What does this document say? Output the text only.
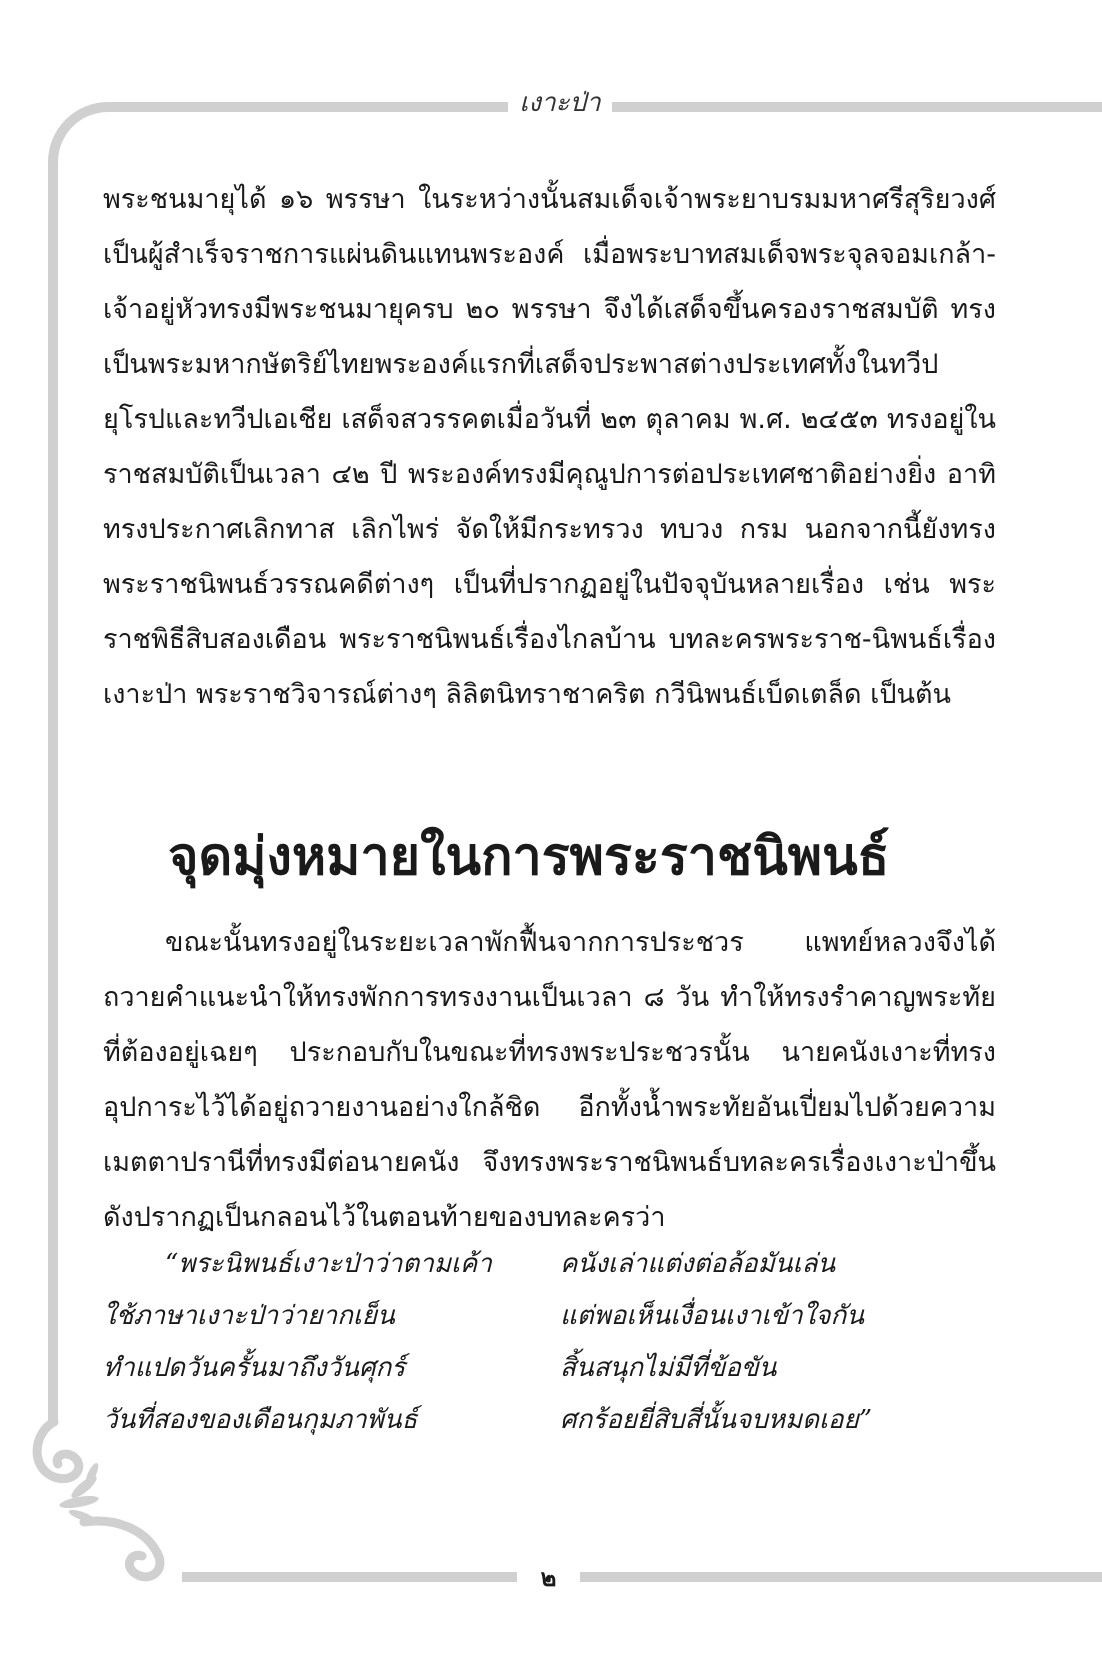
เงาะป่า

พระชนมายุได้ ๑๖ พรรษา ในระหว่างนั้นสมเด็จเจ้าพระยาบรมมหาศรีสุริยวงศ์เป็นผู้สำเร็จราชการแผ่นดินแทนพระองค์ เมื่อพระบาทสมเด็จพระจุลจอมเกล้า-เจ้าอยู่หัวทรงมีพระชนมายุครบ ๒๐ พรรษา จึงได้เสด็จขึ้นครองราชสมบัติ ทรงเป็นพระมหากษัตริย์ไทยพระองค์แรกที่เสด็จประพาสต่างประเทศทั้งในทวีปยุโรปและทวีปเอเชีย เสด็จสวรรคตเมื่อวันที่ ๒๓ ตุลาคม พ.ศ. ๒๔๕๓ ทรงอยู่ในราชสมบัติเป็นเวลา ๔๒ ปี พระองค์ทรงมีคุณูปการต่อประเทศชาติอย่างยิ่ง อาทิ ทรงประกาศเลิกทาส เลิกไพร่ จัดให้มีกระทรวง ทบวง กรม นอกจากนี้ยังทรงพระราชนิพนธ์วรรณคดีต่างๆ เป็นที่ปรากฏอยู่ในปัจจุบันหลายเรื่อง เช่น พระราชพิธีสิบสองเดือน พระราชนิพนธ์เรื่องไกลบ้าน บทละครพระราช-นิพนธ์เรื่องเงาะป่า พระราชวิจารณ์ต่างๆ ลิลิตนิทราชาคริต กวีนิพนธ์เบ็ดเตล็ด เป็นต้น

จุดมุ่งหมายในการพระราชนิพนธ์

ขณะนั้นทรงอยู่ในระยะเวลาพักฟื้นจากการประชวร แพทย์หลวงจึงได้ถวายคำแนะนำให้ทรงพักการทรงงานเป็นเวลา ๘ วัน ทำให้ทรงรำคาญพระทัยที่ต้องอยู่เฉยๆ ประกอบกับในขณะที่ทรงพระประชวรนั้น นายคนังเงาะที่ทรงอุปการะไว้ได้อยู่ถวายงานอย่างใกล้ชิด อีกทั้งน้ำพระทัยอันเปี่ยมไปด้วยความเมตตาปรานีที่ทรงมีต่อนายคนัง จึงทรงพระราชนิพนธ์บทละครเรื่องเงาะป่าขึ้นดังปรากฏเป็นกลอนไว้ในตอนท้ายของบทละครว่า

“พระนิพนธ์เงาะป่าว่าตามเค้า	คนังเล่าแต่งต่อล้อมันเล่น

ใช้ภาษาเงาะป่าว่ายากเย็น	แต่พอเห็นเงื่อนเงาเข้าใจกัน

ทำแปดวันครั้นมาถึงวันศุกร์	สิ้นสนุกไม่มีที่ข้อขัน

วันที่สองของเดือนกุมภาพันธ์	ศกร้อยยี่สิบสี่นั้นจบหมดเอย”

๒
